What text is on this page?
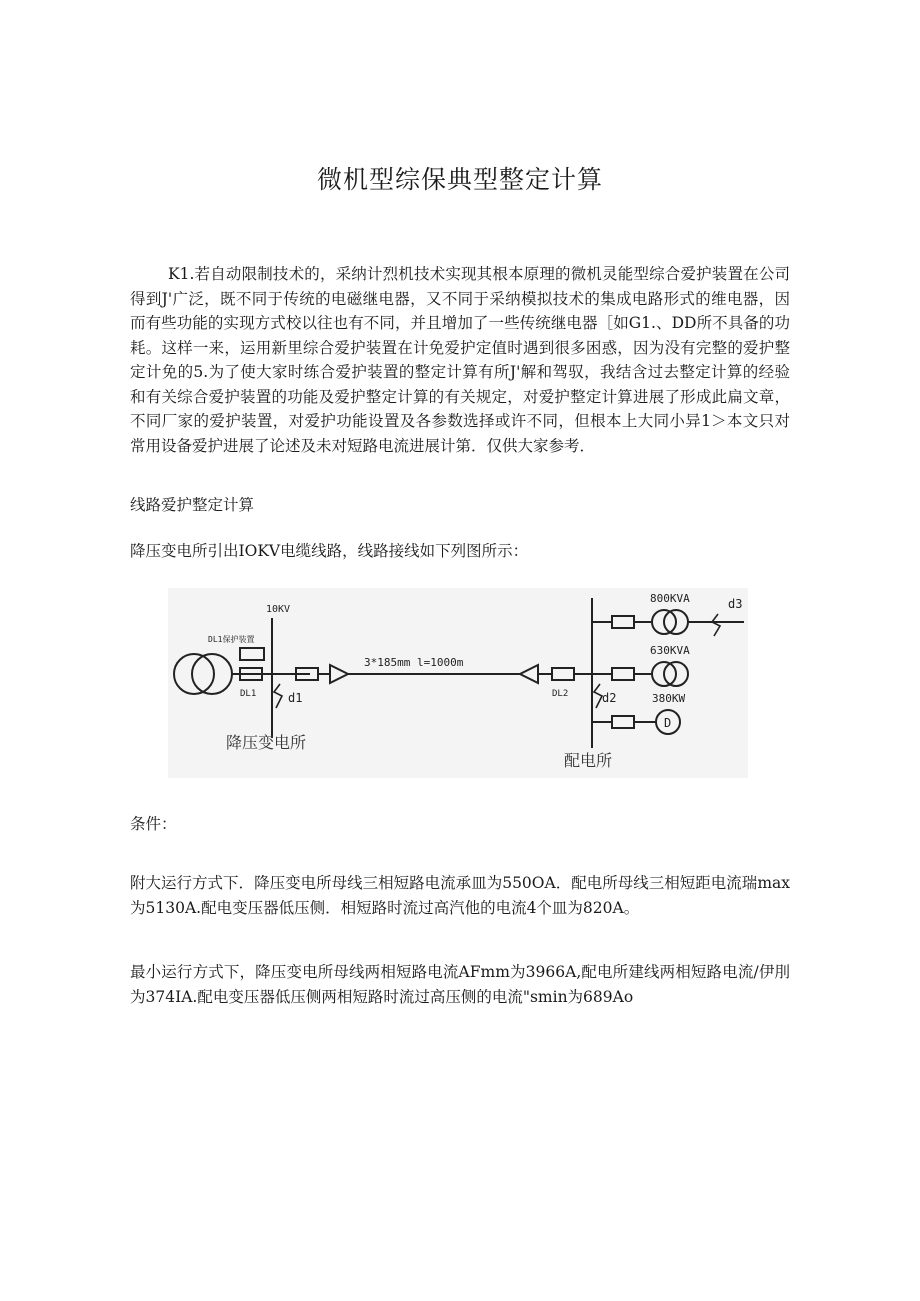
微机型综保典型整定计算

K1.若自动限制技术的，采纳计烈机技术实现其根本原理的微机灵能型综合爱护装置在公司得到J'广泛，既不同于传统的电磁继电器，又不同于采纳模拟技术的集成电路形式的维电器，因而有些功能的实现方式校以往也有不同，并且增加了一些传统继电器［如G1.、DD所不具备的功耗。这样一来，运用新里综合爱护装置在计免爱护定值时遇到很多困惑，因为没有完整的爱护整定计免的5.为了使大家时练合爱护装置的整定计算有所J'解和驾驭，我结含过去整定计算的经验和有关综合爱护装置的功能及爱护整定计算的有关规定，对爱护整定计算进展了形成此扁文章，不同厂家的爱护装置，对爱护功能设置及各参数选择或许不同，但根本上大同小异1＞本文只对常用设备爱护进展了论述及未对短路电流进展计第．仅供大家参考．

线路爱护整定计算

降压变电所引出IOKV电缆线路，线路接线如下列图所示：

10KV
DL1保护装置
DL1	d1
3*185mm l=1000m
DL2	d2
800KVA	d3
630KVA
380KW
D
降压变电所
配电所

条件：

附大运行方式下．降压变电所母线三相短路电流承皿为550OA．配电所母线三相短距电流瑞max为5130A.配电变压器低压侧．相短路时流过高汽他的电流4个皿为820A。

最小运行方式下，降压变电所母线两相短路电流AFmm为3966A,配电所建线两相短路电流/伊刖为374IA.配电变压器低压侧两相短路时流过高压侧的电流"smin为689Ao
